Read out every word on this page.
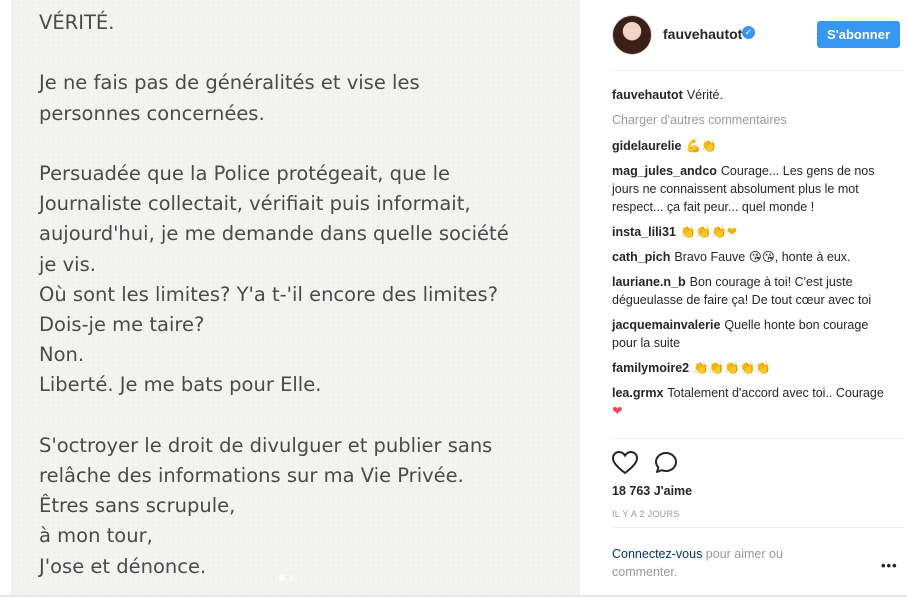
VÉRITÉ.

Je ne fais pas de généralités et vise les
personnes concernées.

Persuadée que la Police protégeait, que le
Journaliste collectait, vérifiait puis informait,
aujourd'hui, je me demande dans quelle société
je vis.
Où sont les limites? Y'a t-'il encore des limites?
Dois-je me taire?
Non.
Liberté. Je me bats pour Elle.

S'octroyer le droit de divulguer et publier sans
relâche des informations sur ma Vie Privée.
Êtres sans scrupule,
à mon tour,
J'ose et dénonce.
fauvehautot ✓	S'abonner
fauvehautot Vérité.
Charger d'autres commentaires
gidelaurelie 💪👏
mag_jules_andco Courage... Les gens de nos jours ne connaissent absolument plus le mot respect... ça fait peur... quel monde !
insta_lili31 👏👏👏❤
cath_pich Bravo Fauve 😘😘, honte à eux.
lauriane.n_b Bon courage à toi! C'est juste dégueulasse de faire ça! De tout cœur avec toi
jacquemainvalerie Quelle honte bon courage pour la suite
familymoire2 👏👏👏👏👏
lea.grmx Totalement d'accord avec toi.. Courage ❤
18 763 J'aime
IL Y A 2 JOURS
Connectez-vous pour aimer ou commenter.	•••
